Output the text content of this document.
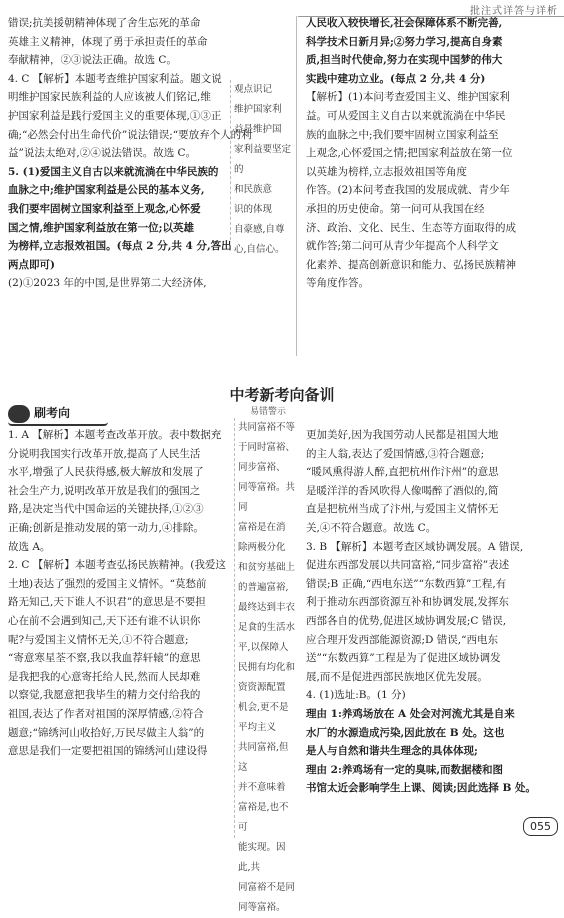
批注式详答与详析

错误;抗美援朝精神体现了舍生忘死的革命

英雄主义精神，体现了勇于承担责任的革命

奉献精神，②③说法正确。故选 C。

4. C 【解析】本题考查维护国家利益。题文说

明维护国家民族利益的人应该被人们铭记,维

护国家利益是践行爱国主义的重要体现,①③正

确;“必然会付出生命代价”说法错误;“要放弃个人的利

益”说法太绝对,②④说法错误。故选 C。

5. (1)爱国主义自古以来就流淌在中华民族的

血脉之中;维护国家利益是公民的基本义务,

我们要牢固树立国家利益至上观念,心怀爱

国之情,维护国家利益放在第一位;以英雄

为榜样,立志报效祖国。(每点 2 分,共 4 分,答出

两点即可)

(2)①2023 年的中国,是世界第二大经济体,

观点识记
维护国家利
益是维护国
家利益要坚定的
和民族意
识的体现
自豪感,自尊
心,自信心。

人民收入较快增长,社会保障体系不断完善,

科学技术日新月异;②努力学习,提高自身素

质,担当时代使命,努力在实现中国梦的伟大

实践中建功立业。(每点 2 分,共 4 分)

【解析】(1)本问考查爱国主义、维护国家利

益。可从爱国主义自古以来就流淌在中华民

族的血脉之中;我们要牢固树立国家利益至

上观念,心怀爱国之情;把国家利益放在第一位

以英雄为榜样,立志报效祖国等角度

作答。(2)本问考查我国的发展成就、青少年

承担的历史使命。第一问可从我国在经

济、政治、文化、民生、生态等方面取得的成

就作答;第二问可从青少年提高个人科学文

化素养、提高创新意识和能力、弘扬民族精神

等角度作答。

中考新考向备训
刷考向	易错警示

1. A 【解析】本题考查改革开放。表中数据充

分说明我国实行改革开放,提高了人民生活

水平,增强了人民获得感,极大解放和发展了

社会生产力,说明改革开放是我们的强国之

路,是决定当代中国命运的关键抉择,①②③

正确;创新是推动发展的第一动力,④排除。

故选 A。

2. C 【解析】本题考查弘扬民族精神。(我爱这

土地)表达了强烈的爱国主义情怀。“莫愁前

路无知己,天下谁人不识君”的意思是不要担

心在前不会遇到知己,天下还有谁不认识你

呢?与爱国主义情怀无关,①不符合题意;

“寄意寒星荃不察,我以我血荐轩辕”的意思

是我把我的心意寄托给人民,然而人民却难

以察觉,我愿意把我毕生的精力交付给我的

祖国,表达了作者对祖国的深厚情感,②符合

题意;“锦绣河山收拾好,万民尽做主人翁”的

意思是我们一定要把祖国的锦绣河山建设得

共同富裕不等
于同时富裕、
同步富裕、
同等富裕。共同
富裕是在消
除两极分化
和贫穷基础上
的普遍富裕,
最终达到丰衣
足食的生活水
平,以保障人
民拥有均化和
资资源配置
机会,更不是
平均主义
共同富裕,但这
并不意味着
富裕是,也不可
能实现。因此,共
同富裕不是同
同等富裕。

更加美好,因为我国劳动人民都是祖国大地

的主人翁,表达了爱国情感,③符合题意;

“暖风熏得游人醉,直把杭州作汴州”的意思

是暖洋洋的香风吹得人像喝醉了酒似的,简

直是把杭州当成了汴州,与爱国主义情怀无

关,④不符合题意。故选 C。

3. B 【解析】本题考查区域协调发展。A 错误,

促进东西部发展以共同富裕,“同步富裕”表述

错误;B 正确,“西电东送”“东数西算”工程,有

利于推动东西部资源互补和协调发展,发挥东

西部各自的优势,促进区域协调发展;C 错误,

应合理开发西部能源资源;D 错误,“西电东

送”“东数西算”工程是为了促进区域协调发

展,而不是促进西部民族地区优先发展。

4. (1)选址:B。(1 分)

理由 1:养鸡场放在 A 处会对河流尤其是自来

水厂的水源造成污染,因此放在 B 处。这也

是人与自然和谐共生理念的具体体现;

理由 2:养鸡场有一定的臭味,而数据楼和图

书馆太近会影响学生上课、阅读;因此选择 B 处。

055
